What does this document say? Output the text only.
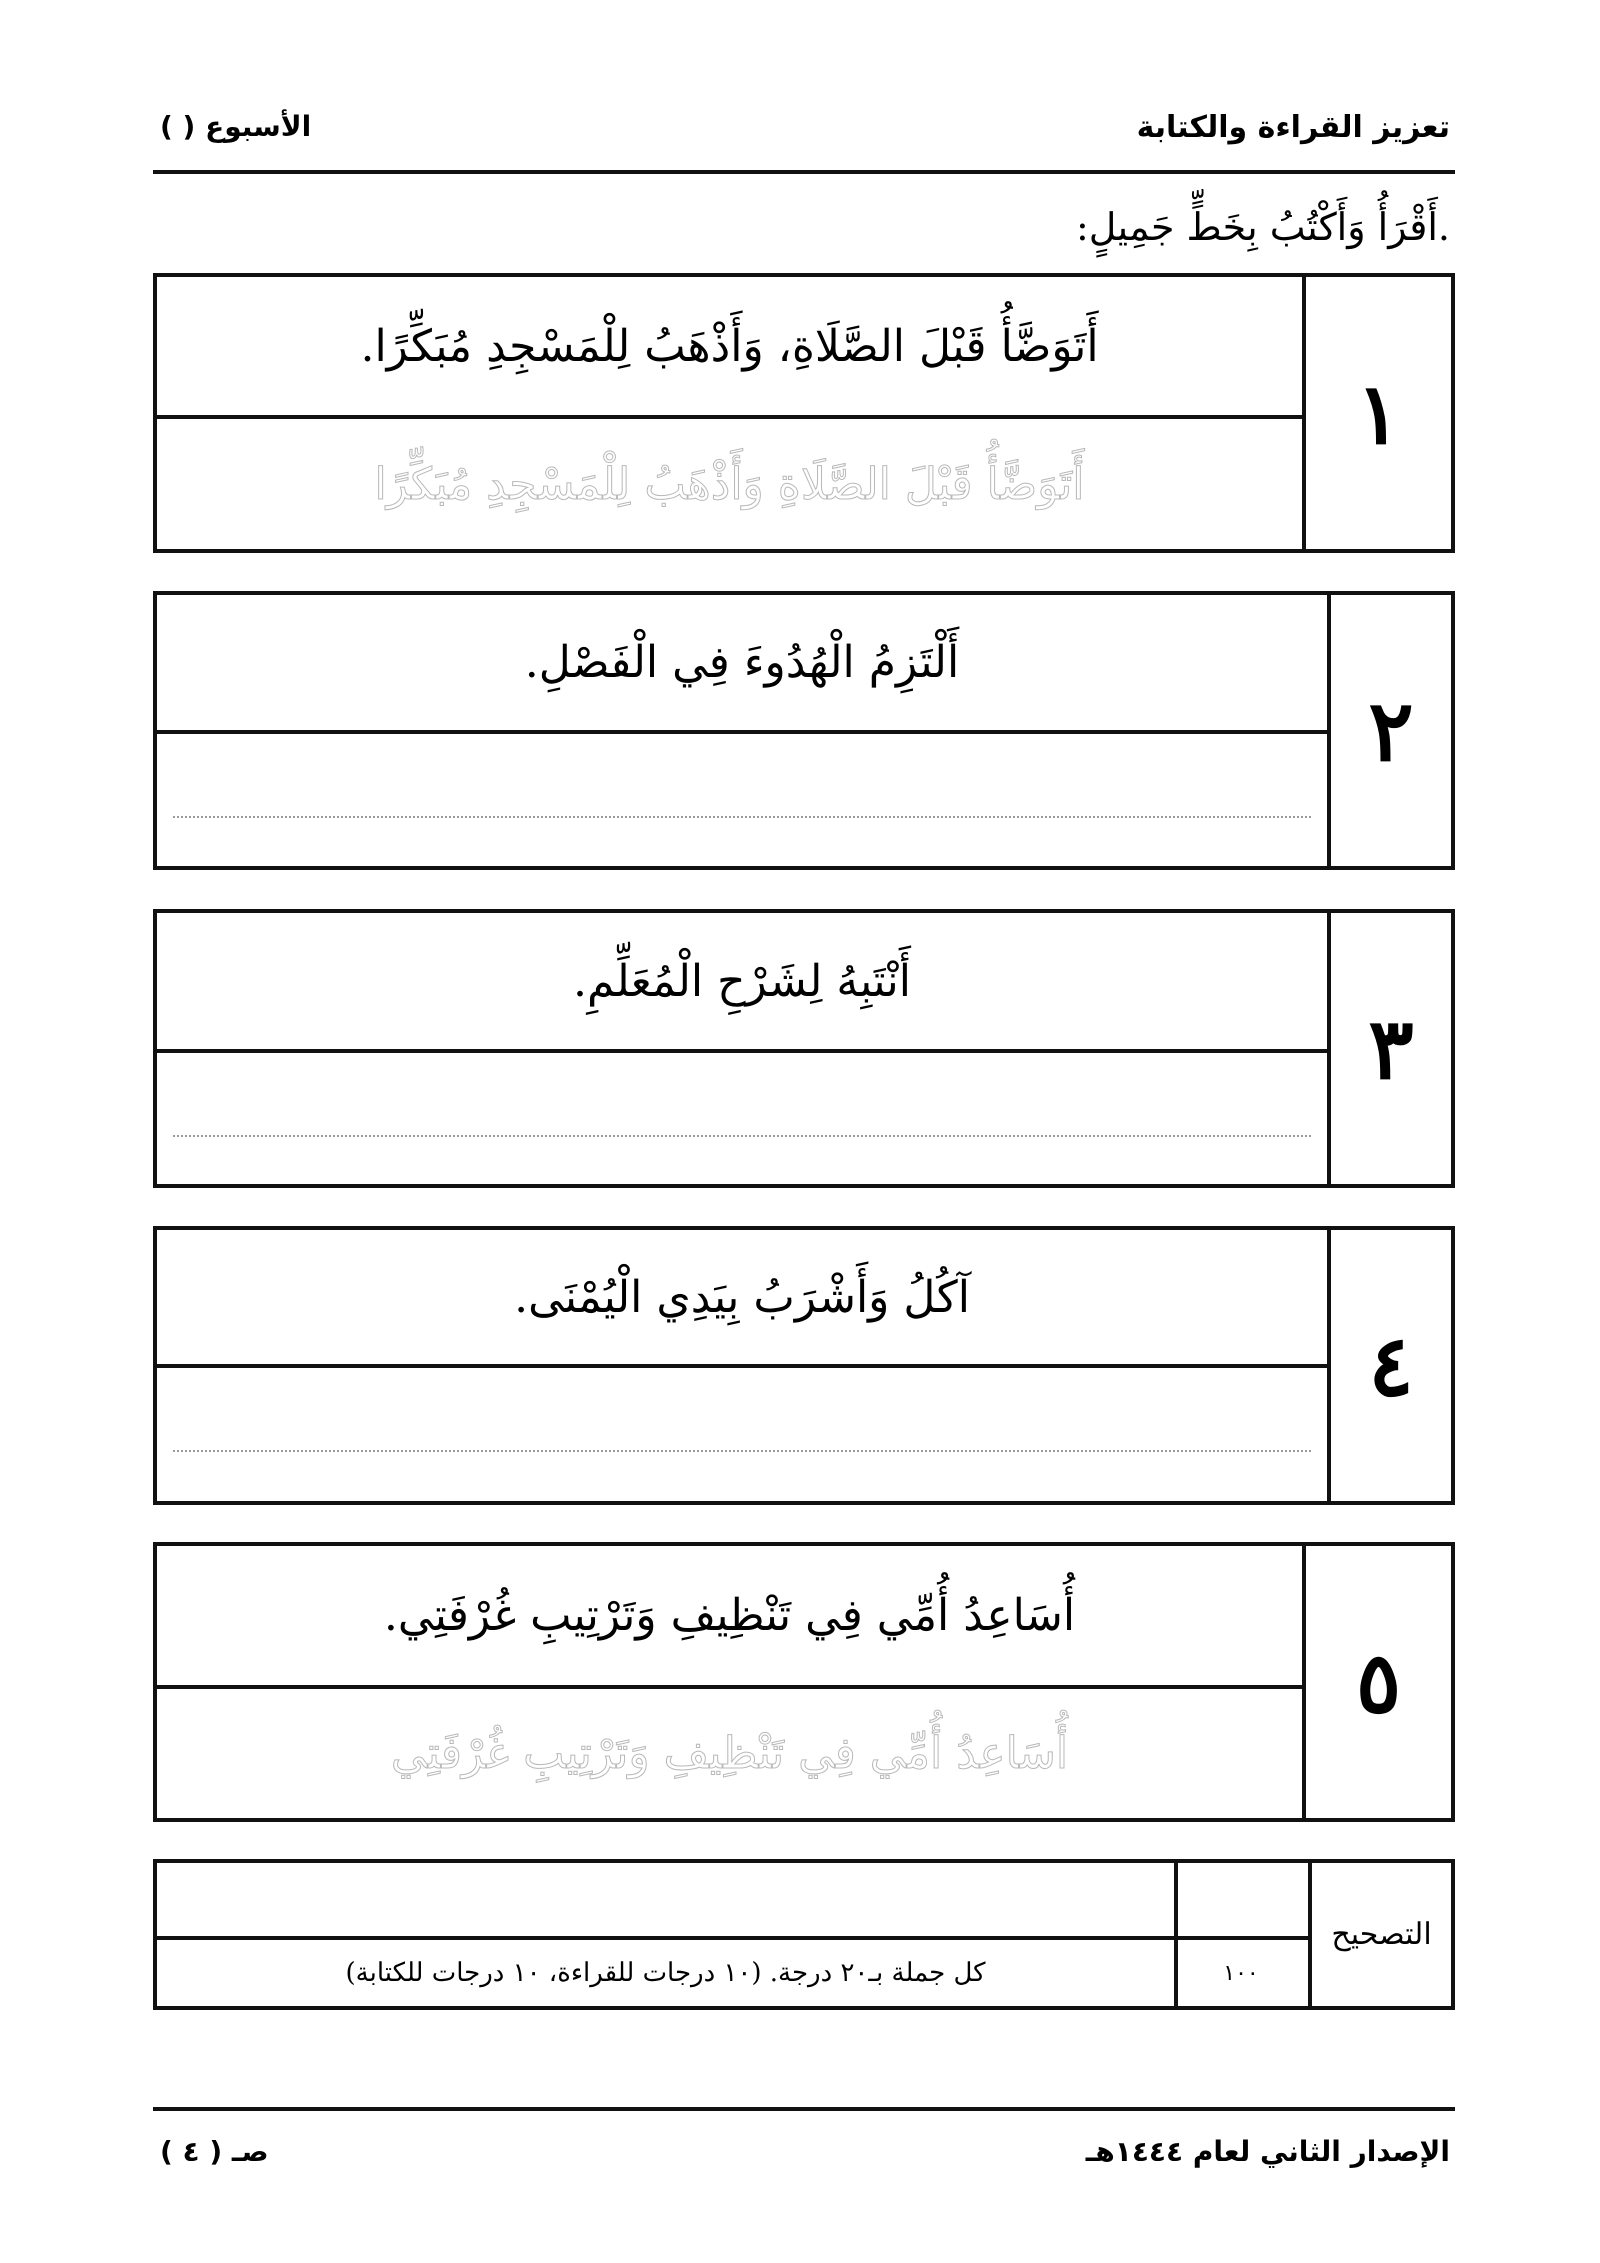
تعزيز القراءة والكتابة
الأسبوع ( )
.أَقْرَأُ وَأَكْتُبُ بِخَطٍّ جَمِيلٍ:
أَتَوَضَّأُ قَبْلَ الصَّلَاةِ، وَأَذْهَبُ لِلْمَسْجِدِ مُبَكِّرًا.
أَتَوَضَّأُ قَبْلَ الصَّلَاةِ وَأَذْهَبُ لِلْمَسْجِدِ مُبَكِّرًا
١
أَلْتَزِمُ الْهُدُوءَ فِي الْفَصْلِ.
٢
أَنْتَبِهُ لِشَرْحِ الْمُعَلِّمِ.
٣
آكُلُ وَأَشْرَبُ بِيَدِي الْيُمْنَى.
٤
أُسَاعِدُ أُمِّي فِي تَنْظِيفِ وَتَرْتِيبِ غُرْفَتِي.
أُسَاعِدُ أُمِّي فِي تَنْظِيفِ وَتَرْتِيبِ غُرْفَتِي
٥
التصحيح
١٠٠
كل جملة بـ٢٠ درجة. (١٠ درجات للقراءة، ١٠ درجات للكتابة)
الإصدار الثاني لعام ١٤٤٤هـ
صـ ( ٤ )
